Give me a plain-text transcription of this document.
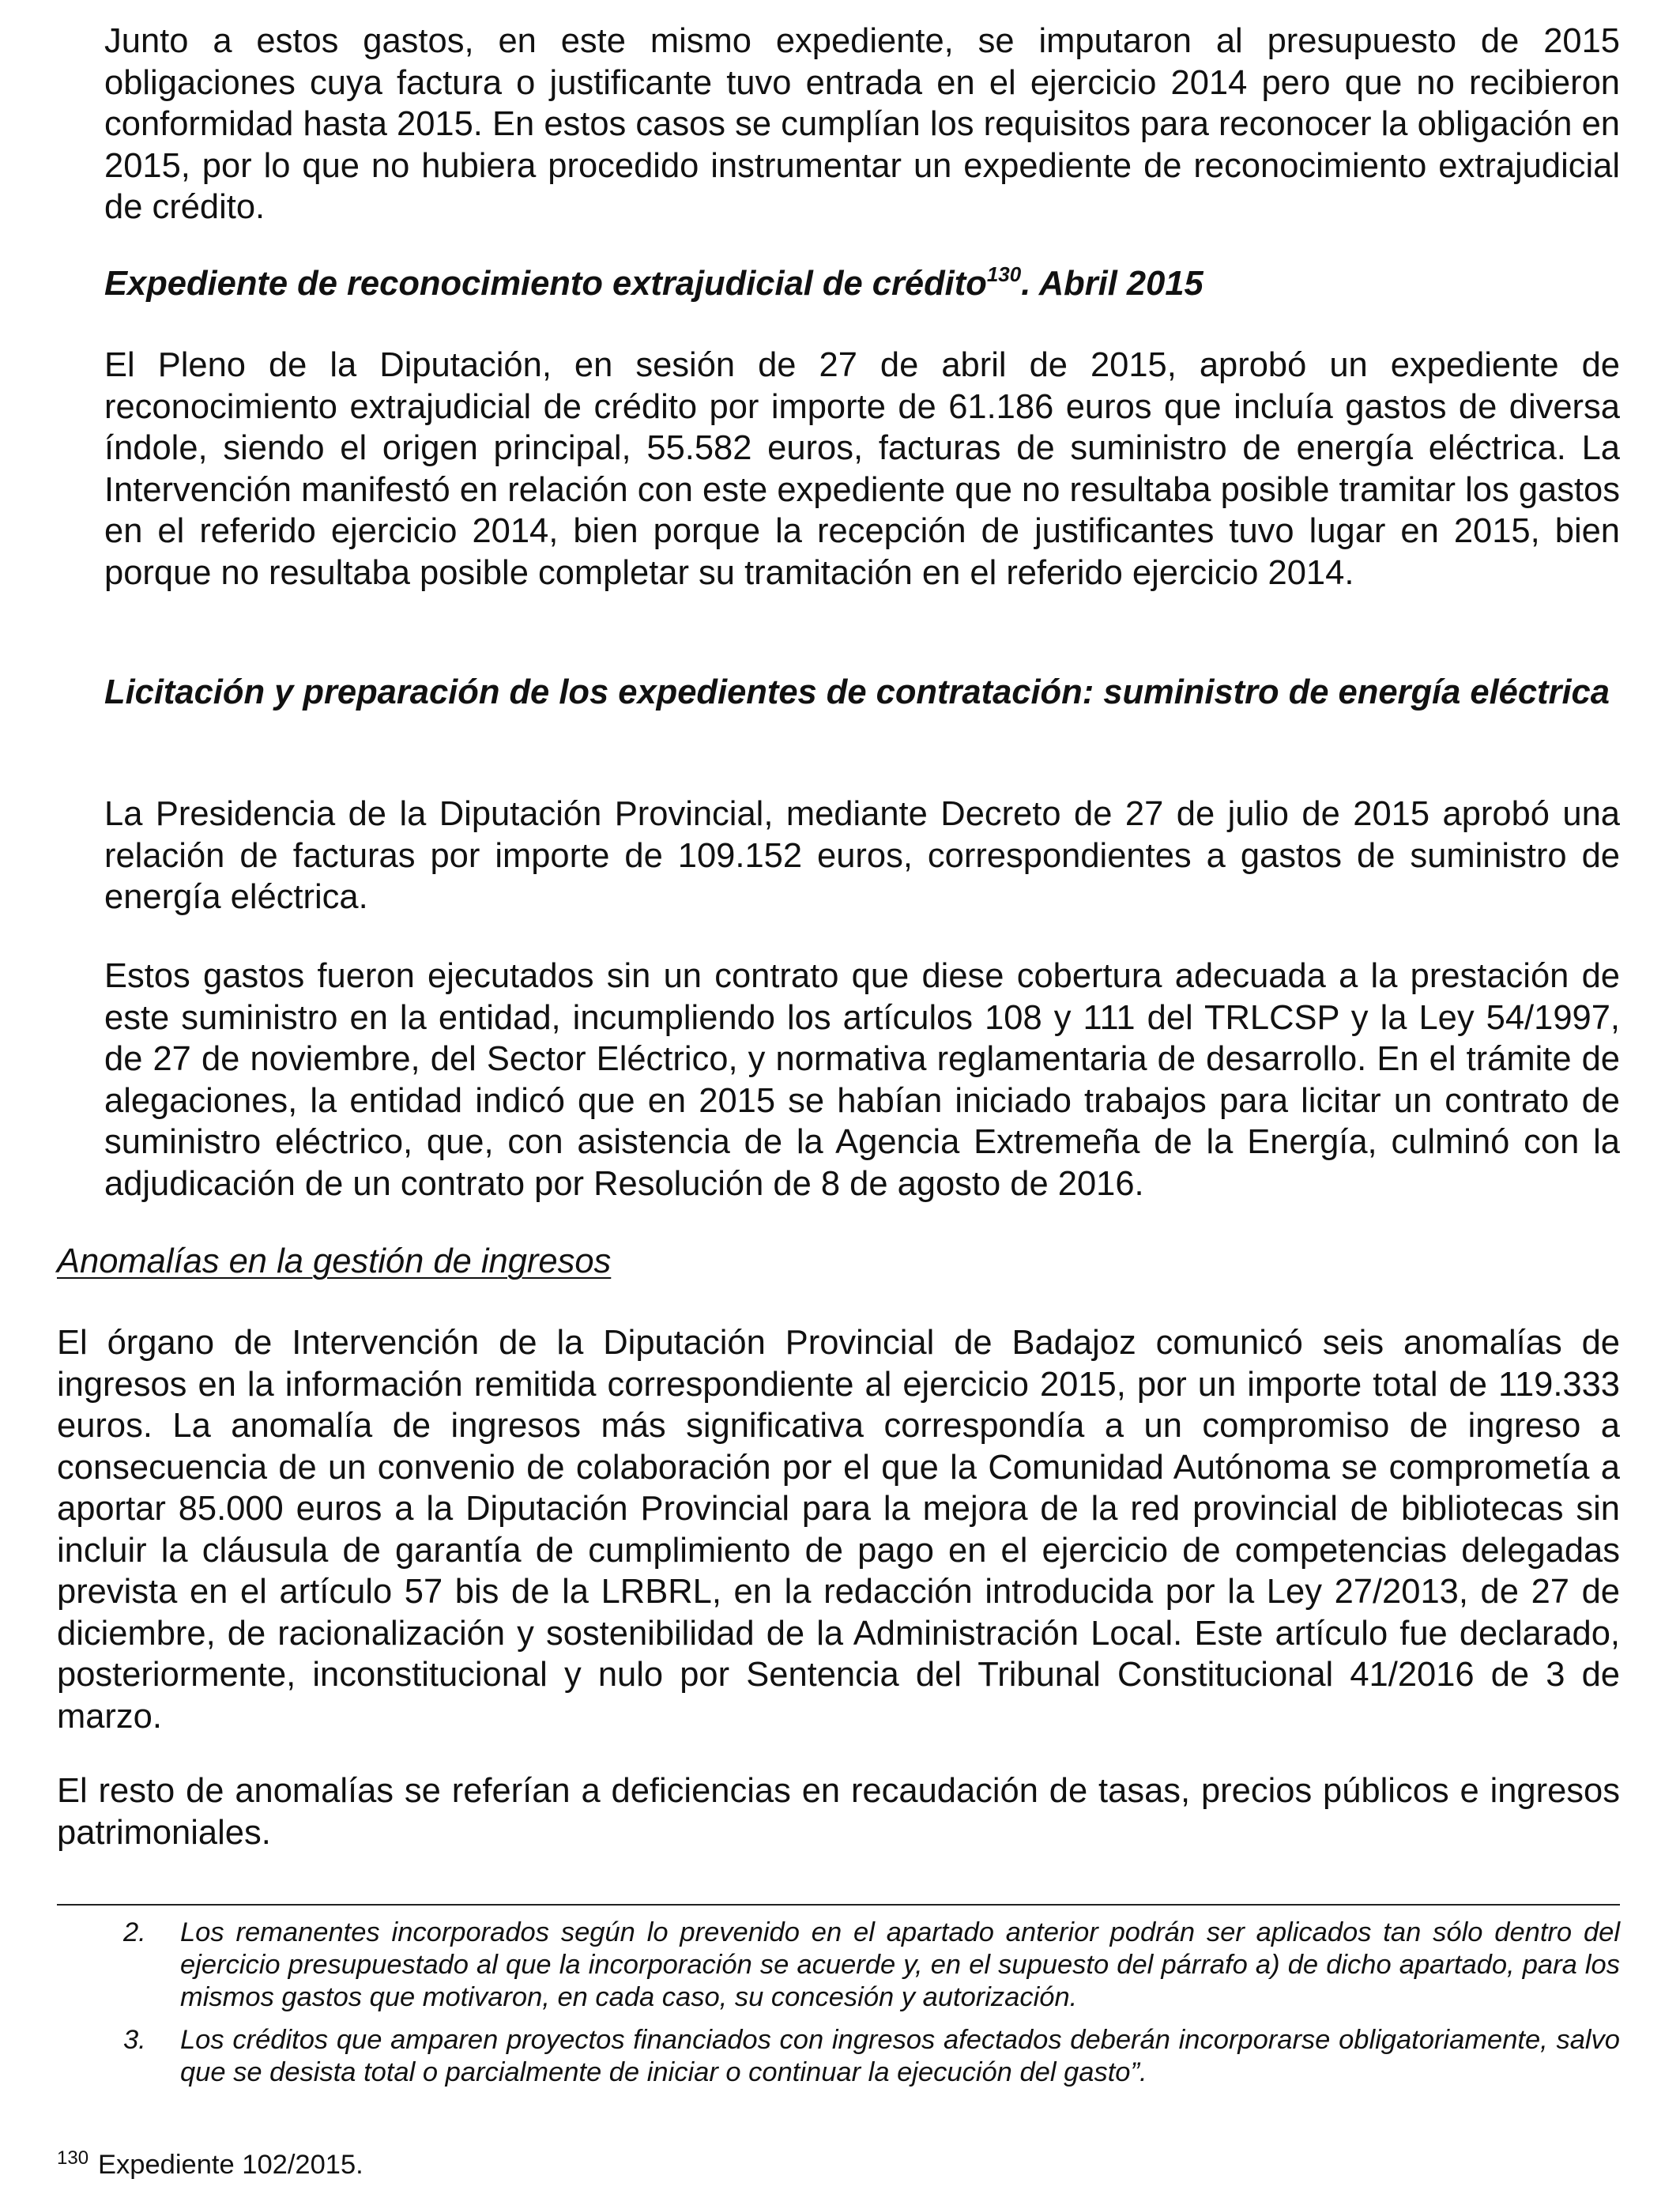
Junto a estos gastos, en este mismo expediente, se imputaron al presupuesto de 2015 obligaciones cuya factura o justificante tuvo entrada en el ejercicio 2014 pero que no recibieron conformidad hasta 2015. En estos casos se cumplían los requisitos para reconocer la obligación en 2015, por lo que no hubiera procedido instrumentar un expediente de reconocimiento extrajudicial de crédito.

Expediente de reconocimiento extrajudicial de crédito$^{130}$. Abril 2015

El Pleno de la Diputación, en sesión de 27 de abril de 2015, aprobó un expediente de reconocimiento extrajudicial de crédito por importe de 61.186 euros que incluía gastos de diversa índole, siendo el origen principal, 55.582 euros, facturas de suministro de energía eléctrica. La Intervención manifestó en relación con este expediente que no resultaba posible tramitar los gastos en el referido ejercicio 2014, bien porque la recepción de justificantes tuvo lugar en 2015, bien porque no resultaba posible completar su tramitación en el referido ejercicio 2014.

Licitación y preparación de los expedientes de contratación: suministro de energía eléctrica

La Presidencia de la Diputación Provincial, mediante Decreto de 27 de julio de 2015 aprobó una relación de facturas por importe de 109.152 euros, correspondientes a gastos de suministro de energía eléctrica.

Estos gastos fueron ejecutados sin un contrato que diese cobertura adecuada a la prestación de este suministro en la entidad, incumpliendo los artículos 108 y 111 del TRLCSP y la Ley 54/1997, de 27 de noviembre, del Sector Eléctrico, y normativa reglamentaria de desarrollo. En el trámite de alegaciones, la entidad indicó que en 2015 se habían iniciado trabajos para licitar un contrato de suministro eléctrico, que, con asistencia de la Agencia Extremeña de la Energía, culminó con la adjudicación de un contrato por Resolución de 8 de agosto de 2016.

Anomalías en la gestión de ingresos

El órgano de Intervención de la Diputación Provincial de Badajoz comunicó seis anomalías de ingresos en la información remitida correspondiente al ejercicio 2015, por un importe total de 119.333 euros. La anomalía de ingresos más significativa correspondía a un compromiso de ingreso a consecuencia de un convenio de colaboración por el que la Comunidad Autónoma se comprometía a aportar 85.000 euros a la Diputación Provincial para la mejora de la red provincial de bibliotecas sin incluir la cláusula de garantía de cumplimiento de pago en el ejercicio de competencias delegadas prevista en el artículo 57 bis de la LRBRL, en la redacción introducida por la Ley 27/2013, de 27 de diciembre, de racionalización y sostenibilidad de la Administración Local. Este artículo fue declarado, posteriormente, inconstitucional y nulo por Sentencia del Tribunal Constitucional 41/2016 de 3 de marzo.

El resto de anomalías se referían a deficiencias en recaudación de tasas, precios públicos e ingresos patrimoniales.

2.	Los remanentes incorporados según lo prevenido en el apartado anterior podrán ser aplicados tan sólo dentro del ejercicio presupuestado al que la incorporación se acuerde y, en el supuesto del párrafo a) de dicho apartado, para los mismos gastos que motivaron, en cada caso, su concesión y autorización.
3.	Los créditos que amparen proyectos financiados con ingresos afectados deberán incorporarse obligatoriamente, salvo que se desista total o parcialmente de iniciar o continuar la ejecución del gasto”.

$^{130}$ Expediente 102/2015.
